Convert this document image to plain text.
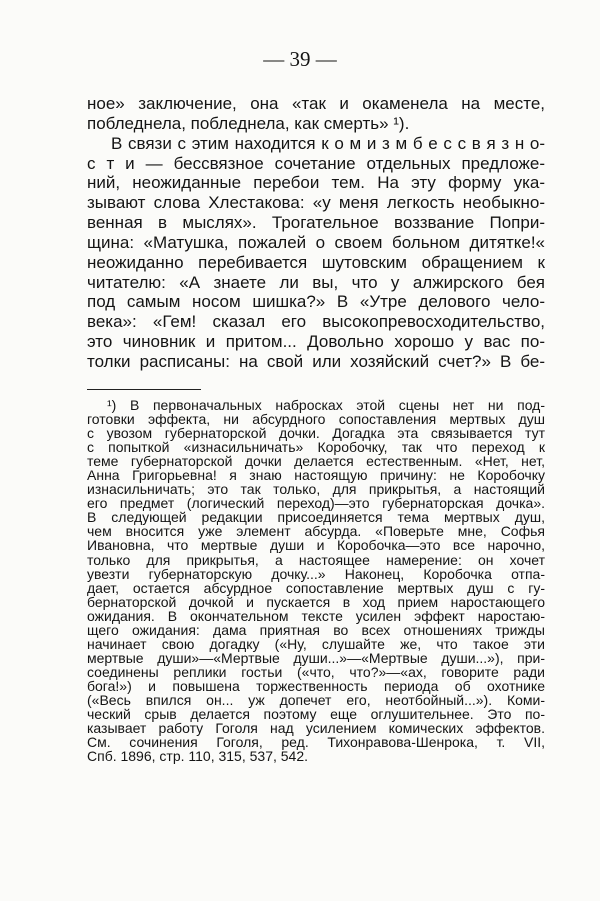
— 39 —
ное» заключение, она «так и окаменела на месте,
побледнела, побледнела, как смерть» ¹).
В связи с этим находится к о м и з м б е с с в я з н о-
с т и — бессвязное сочетание отдельных предложе-
ний, неожиданные перебои тем. На эту форму ука-
зывают слова Хлестакова: «у меня легкость необыкно-
венная в мыслях». Трогательное воззвание Попри-
щина: «Матушка, пожалей о своем больном дитятке!«
неожиданно перебивается шутовским обращением к
читателю: «А знаете ли вы, что у алжирского бея
под самым носом шишка?» В «Утре делового чело-
века»: «Гем! сказал его высокопревосходительство,
это чиновник и притом... Довольно хорошо у вас по-
толки расписаны: на свой или хозяйский счет?» В бе-
¹) В первоначальных набросках этой сцены нет ни под-
готовки эффекта, ни абсурдного сопоставления мертвых душ
с увозом губернаторской дочки. Догадка эта связывается тут
с попыткой «изнасильничать» Коробочку, так что переход к
теме губернаторской дочки делается естественным. «Нет, нет,
Анна Григорьевна! я знаю настоящую причину: не Коробочку
изнасильничать; это так только, для прикрытья, а настоящий
его предмет (логический переход)—это губернаторская дочка».
В следующей редакции присоединяется тема мертвых душ,
чем вносится уже элемент абсурда. «Поверьте мне, Софья
Ивановна, что мертвые души и Коробочка—это все нарочно,
только для прикрытья, а настоящее намерение: он хочет
увезти губернаторскую дочку...» Наконец, Коробочка отпа-
дает, остается абсурдное сопоставление мертвых душ с гу-
бернаторской дочкой и пускается в ход прием наростающего
ожидания. В окончательном тексте усилен эффект наростаю-
щего ожидания: дама приятная во всех отношениях трижды
начинает свою догадку («Ну, слушайте же, что такое эти
мертвые души»—«Мертвые души...»—«Мертвые души...»), при-
соединены реплики гостьи («что, что?»—«ах, говорите ради
бога!») и повышена торжественность периода об охотнике
(«Весь впился он... уж допечет его, неотбойный...»). Коми-
ческий срыв делается поэтому еще оглушительнее. Это по-
казывает работу Гоголя над усилением комических эффектов.
См. сочинения Гоголя, ред. Тихонравова-Шенрока, т. VII,
Спб. 1896, стр. 110, 315, 537, 542.
